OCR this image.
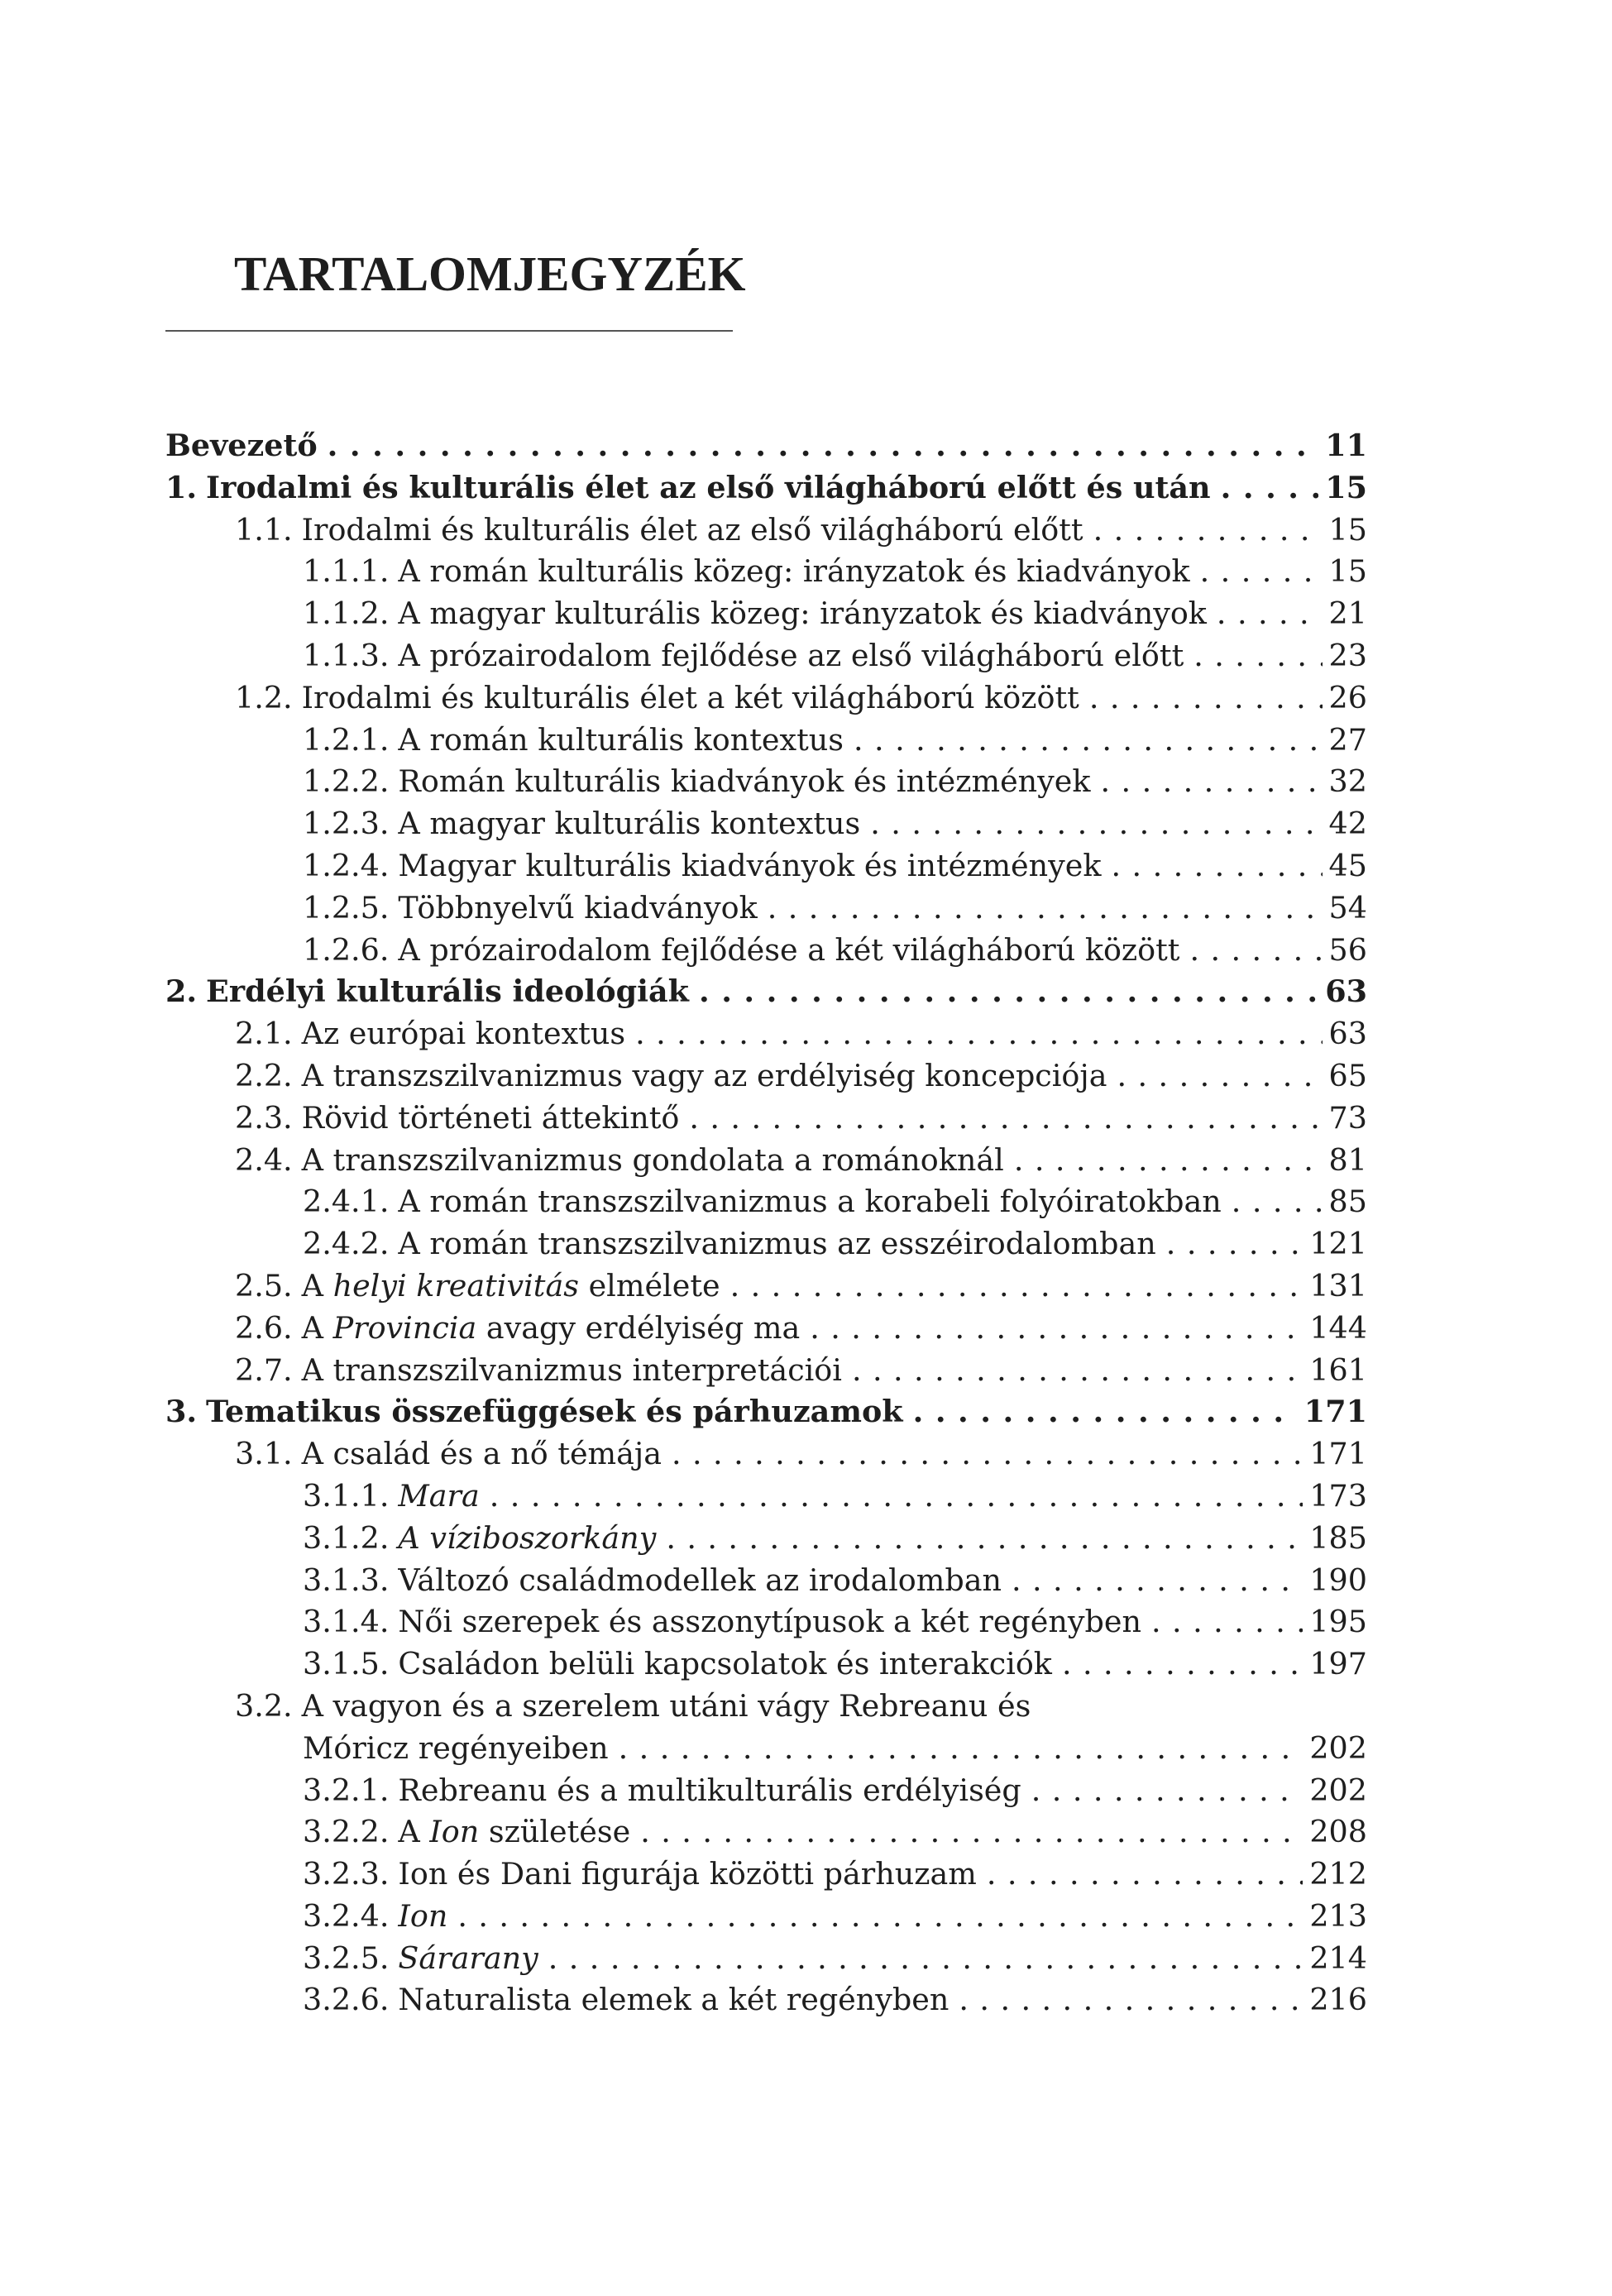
TARTALOMJEGYZÉK
Bevezető . . .	11
1. Irodalmi és kulturális élet az első világháború előtt és után . . .	15
1.1. Irodalmi és kulturális élet az első világháború előtt . . .	15
1.1.1. A román kulturális közeg: irányzatok és kiadványok . . .	15
1.1.2. A magyar kulturális közeg: irányzatok és kiadványok . . .	21
1.1.3. A prózairodalom fejlődése az első világháború előtt . . .	23
1.2. Irodalmi és kulturális élet a két világháború között . . .	26
1.2.1. A román kulturális kontextus . . .	27
1.2.2. Román kulturális kiadványok és intézmények . . .	32
1.2.3. A magyar kulturális kontextus . . .	42
1.2.4. Magyar kulturális kiadványok és intézmények . . .	45
1.2.5. Többnyelvű kiadványok . . .	54
1.2.6. A prózairodalom fejlődése a két világháború között . . .	56
2. Erdélyi kulturális ideológiák . . .	63
2.1. Az európai kontextus . . .	63
2.2. A transzszilvanizmus vagy az erdélyiség koncepciója . . .	65
2.3. Rövid történeti áttekintő . . .	73
2.4. A transzszilvanizmus gondolata a románoknál . . .	81
2.4.1. A román transzszilvanizmus a korabeli folyóiratokban . . .	85
2.4.2. A román transzszilvanizmus az esszéirodalomban . . .	121
2.5. A helyi kreativitás elmélete . . .	131
2.6. A Provincia avagy erdélyiség ma . . .	144
2.7. A transzszilvanizmus interpretációi . . .	161
3. Tematikus összefüggések és párhuzamok . . .	171
3.1. A család és a nő témája . . .	171
3.1.1. Mara . . .	173
3.1.2. A víziboszorkány . . .	185
3.1.3. Változó családmodellek az irodalomban . . .	190
3.1.4. Női szerepek és asszonytípusok a két regényben . . .	195
3.1.5. Családon belüli kapcsolatok és interakciók . . .	197
3.2. A vagyon és a szerelem utáni vágy Rebreanu és
Móricz regényeiben . . .	202
3.2.1. Rebreanu és a multikulturális erdélyiség . . .	202
3.2.2. A Ion születése . . .	208
3.2.3. Ion és Dani figurája közötti párhuzam . . .	212
3.2.4. Ion . . .	213
3.2.5. Sárarany . . .	214
3.2.6. Naturalista elemek a két regényben . . .	216
